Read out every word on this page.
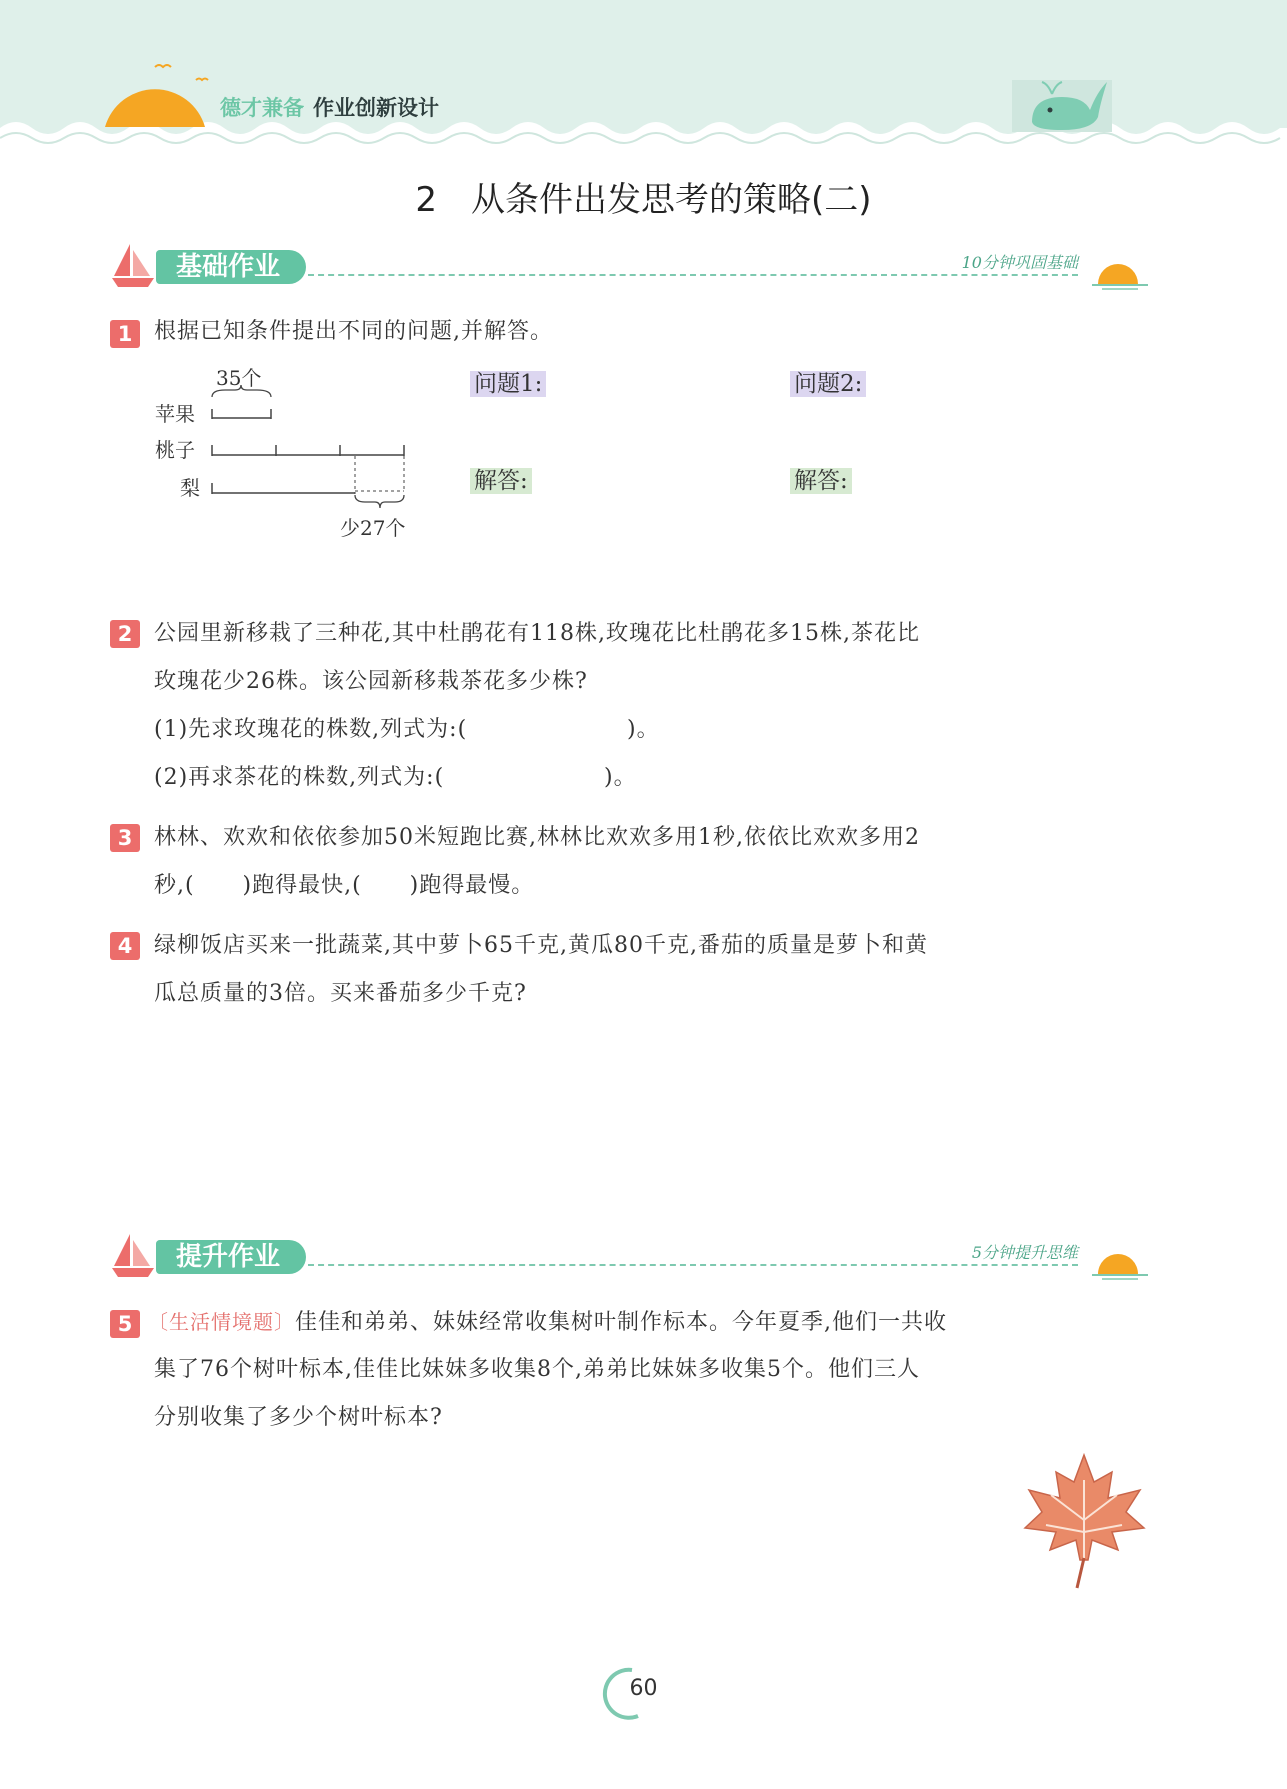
德才兼备 作业创新设计
2　从条件出发思考的策略(二)
基础作业	10分钟巩固基础
1 根据已知条件提出不同的问题,并解答。
35个
苹果
桃子
梨
少27个
问题1:	问题2:
解答:	解答:
2 公园里新移栽了三种花,其中杜鹃花有118株,玫瑰花比杜鹃花多15株,茶花比
玫瑰花少26株。该公园新移栽茶花多少株?
(1)先求玫瑰花的株数,列式为:(                    )。
(2)再求茶花的株数,列式为:(                    )。
3 林林、欢欢和依依参加50米短跑比赛,林林比欢欢多用1秒,依依比欢欢多用2
秒,(      )跑得最快,(      )跑得最慢。
4 绿柳饭店买来一批蔬菜,其中萝卜65千克,黄瓜80千克,番茄的质量是萝卜和黄
瓜总质量的3倍。买来番茄多少千克?
提升作业	5分钟提升思维
5 〔生活情境题〕佳佳和弟弟、妹妹经常收集树叶制作标本。今年夏季,他们一共收
集了76个树叶标本,佳佳比妹妹多收集8个,弟弟比妹妹多收集5个。他们三人
分别收集了多少个树叶标本?
60
